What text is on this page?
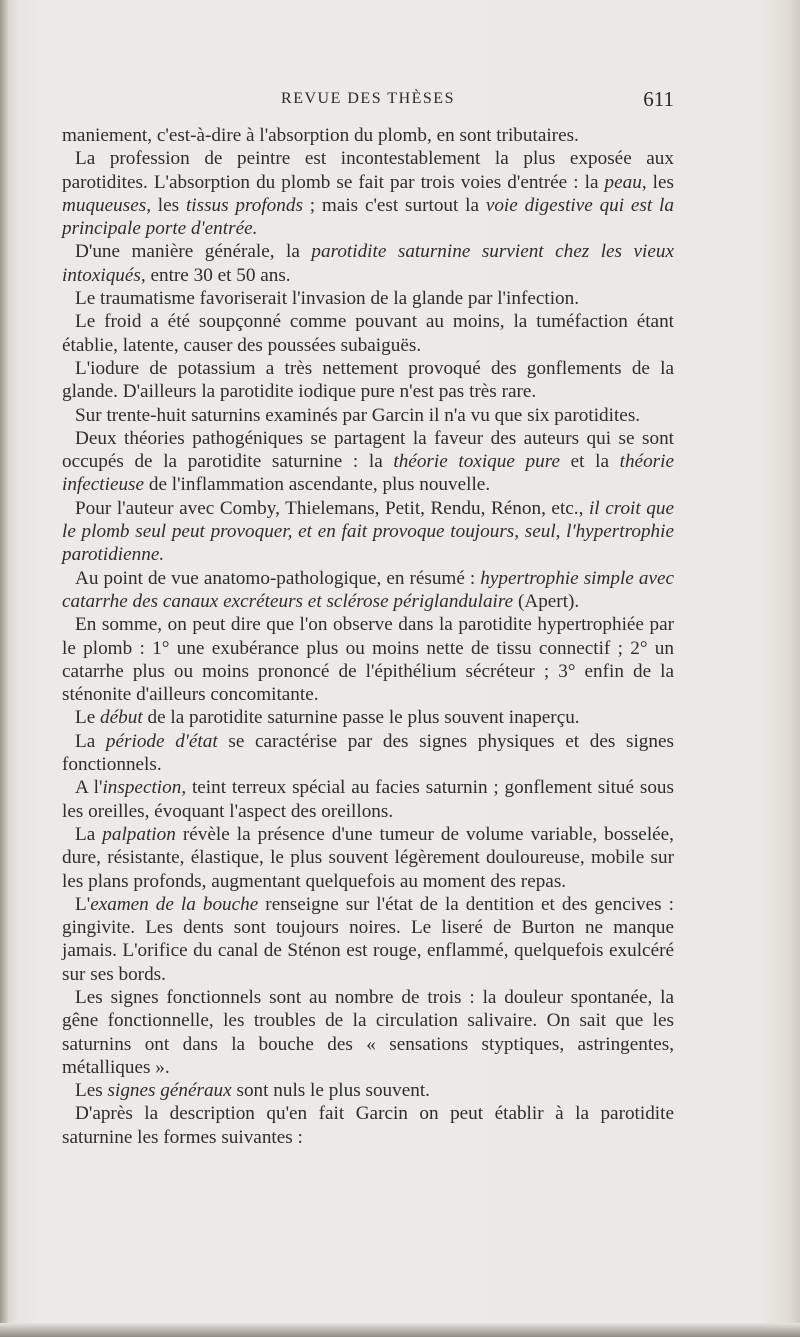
REVUE DES THÈSES	611

maniement, c'est-à-dire à l'absorption du plomb, en sont tributaires.

La profession de peintre est incontestablement la plus exposée aux parotidites. L'absorption du plomb se fait par trois voies d'entrée : la peau, les muqueuses, les tissus profonds ; mais c'est surtout la voie digestive qui est la principale porte d'entrée.

D'une manière générale, la parotidite saturnine survient chez les vieux intoxiqués, entre 30 et 50 ans.

Le traumatisme favoriserait l'invasion de la glande par l'infection.

Le froid a été soupçonné comme pouvant au moins, la tuméfaction étant établie, latente, causer des poussées subaiguës.

L'iodure de potassium a très nettement provoqué des gonflements de la glande. D'ailleurs la parotidite iodique pure n'est pas très rare.

Sur trente-huit saturnins examinés par Garcin il n'a vu que six parotidites.

Deux théories pathogéniques se partagent la faveur des auteurs qui se sont occupés de la parotidite saturnine : la théorie toxique pure et la théorie infectieuse de l'inflammation ascendante, plus nouvelle.

Pour l'auteur avec Comby, Thielemans, Petit, Rendu, Rénon, etc., il croit que le plomb seul peut provoquer, et en fait provoque toujours, seul, l'hypertrophie parotidienne.

Au point de vue anatomo-pathologique, en résumé : hypertrophie simple avec catarrhe des canaux excréteurs et sclérose périglandulaire (Apert).

En somme, on peut dire que l'on observe dans la parotidite hypertrophiée par le plomb : 1° une exubérance plus ou moins nette de tissu connectif ; 2° un catarrhe plus ou moins prononcé de l'épithélium sécréteur ; 3° enfin de la sténonite d'ailleurs concomitante.

Le début de la parotidite saturnine passe le plus souvent inaperçu.

La période d'état se caractérise par des signes physiques et des signes fonctionnels.

A l'inspection, teint terreux spécial au facies saturnin ; gonflement situé sous les oreilles, évoquant l'aspect des oreillons.

La palpation révèle la présence d'une tumeur de volume variable, bosselée, dure, résistante, élastique, le plus souvent légèrement douloureuse, mobile sur les plans profonds, augmentant quelquefois au moment des repas.

L'examen de la bouche renseigne sur l'état de la dentition et des gencives : gingivite. Les dents sont toujours noires. Le liseré de Burton ne manque jamais. L'orifice du canal de Sténon est rouge, enflammé, quelquefois exulcéré sur ses bords.

Les signes fonctionnels sont au nombre de trois : la douleur spontanée, la gêne fonctionnelle, les troubles de la circulation salivaire. On sait que les saturnins ont dans la bouche des « sensations styptiques, astringentes, métalliques ».

Les signes généraux sont nuls le plus souvent.

D'après la description qu'en fait Garcin on peut établir à la parotidite saturnine les formes suivantes :
